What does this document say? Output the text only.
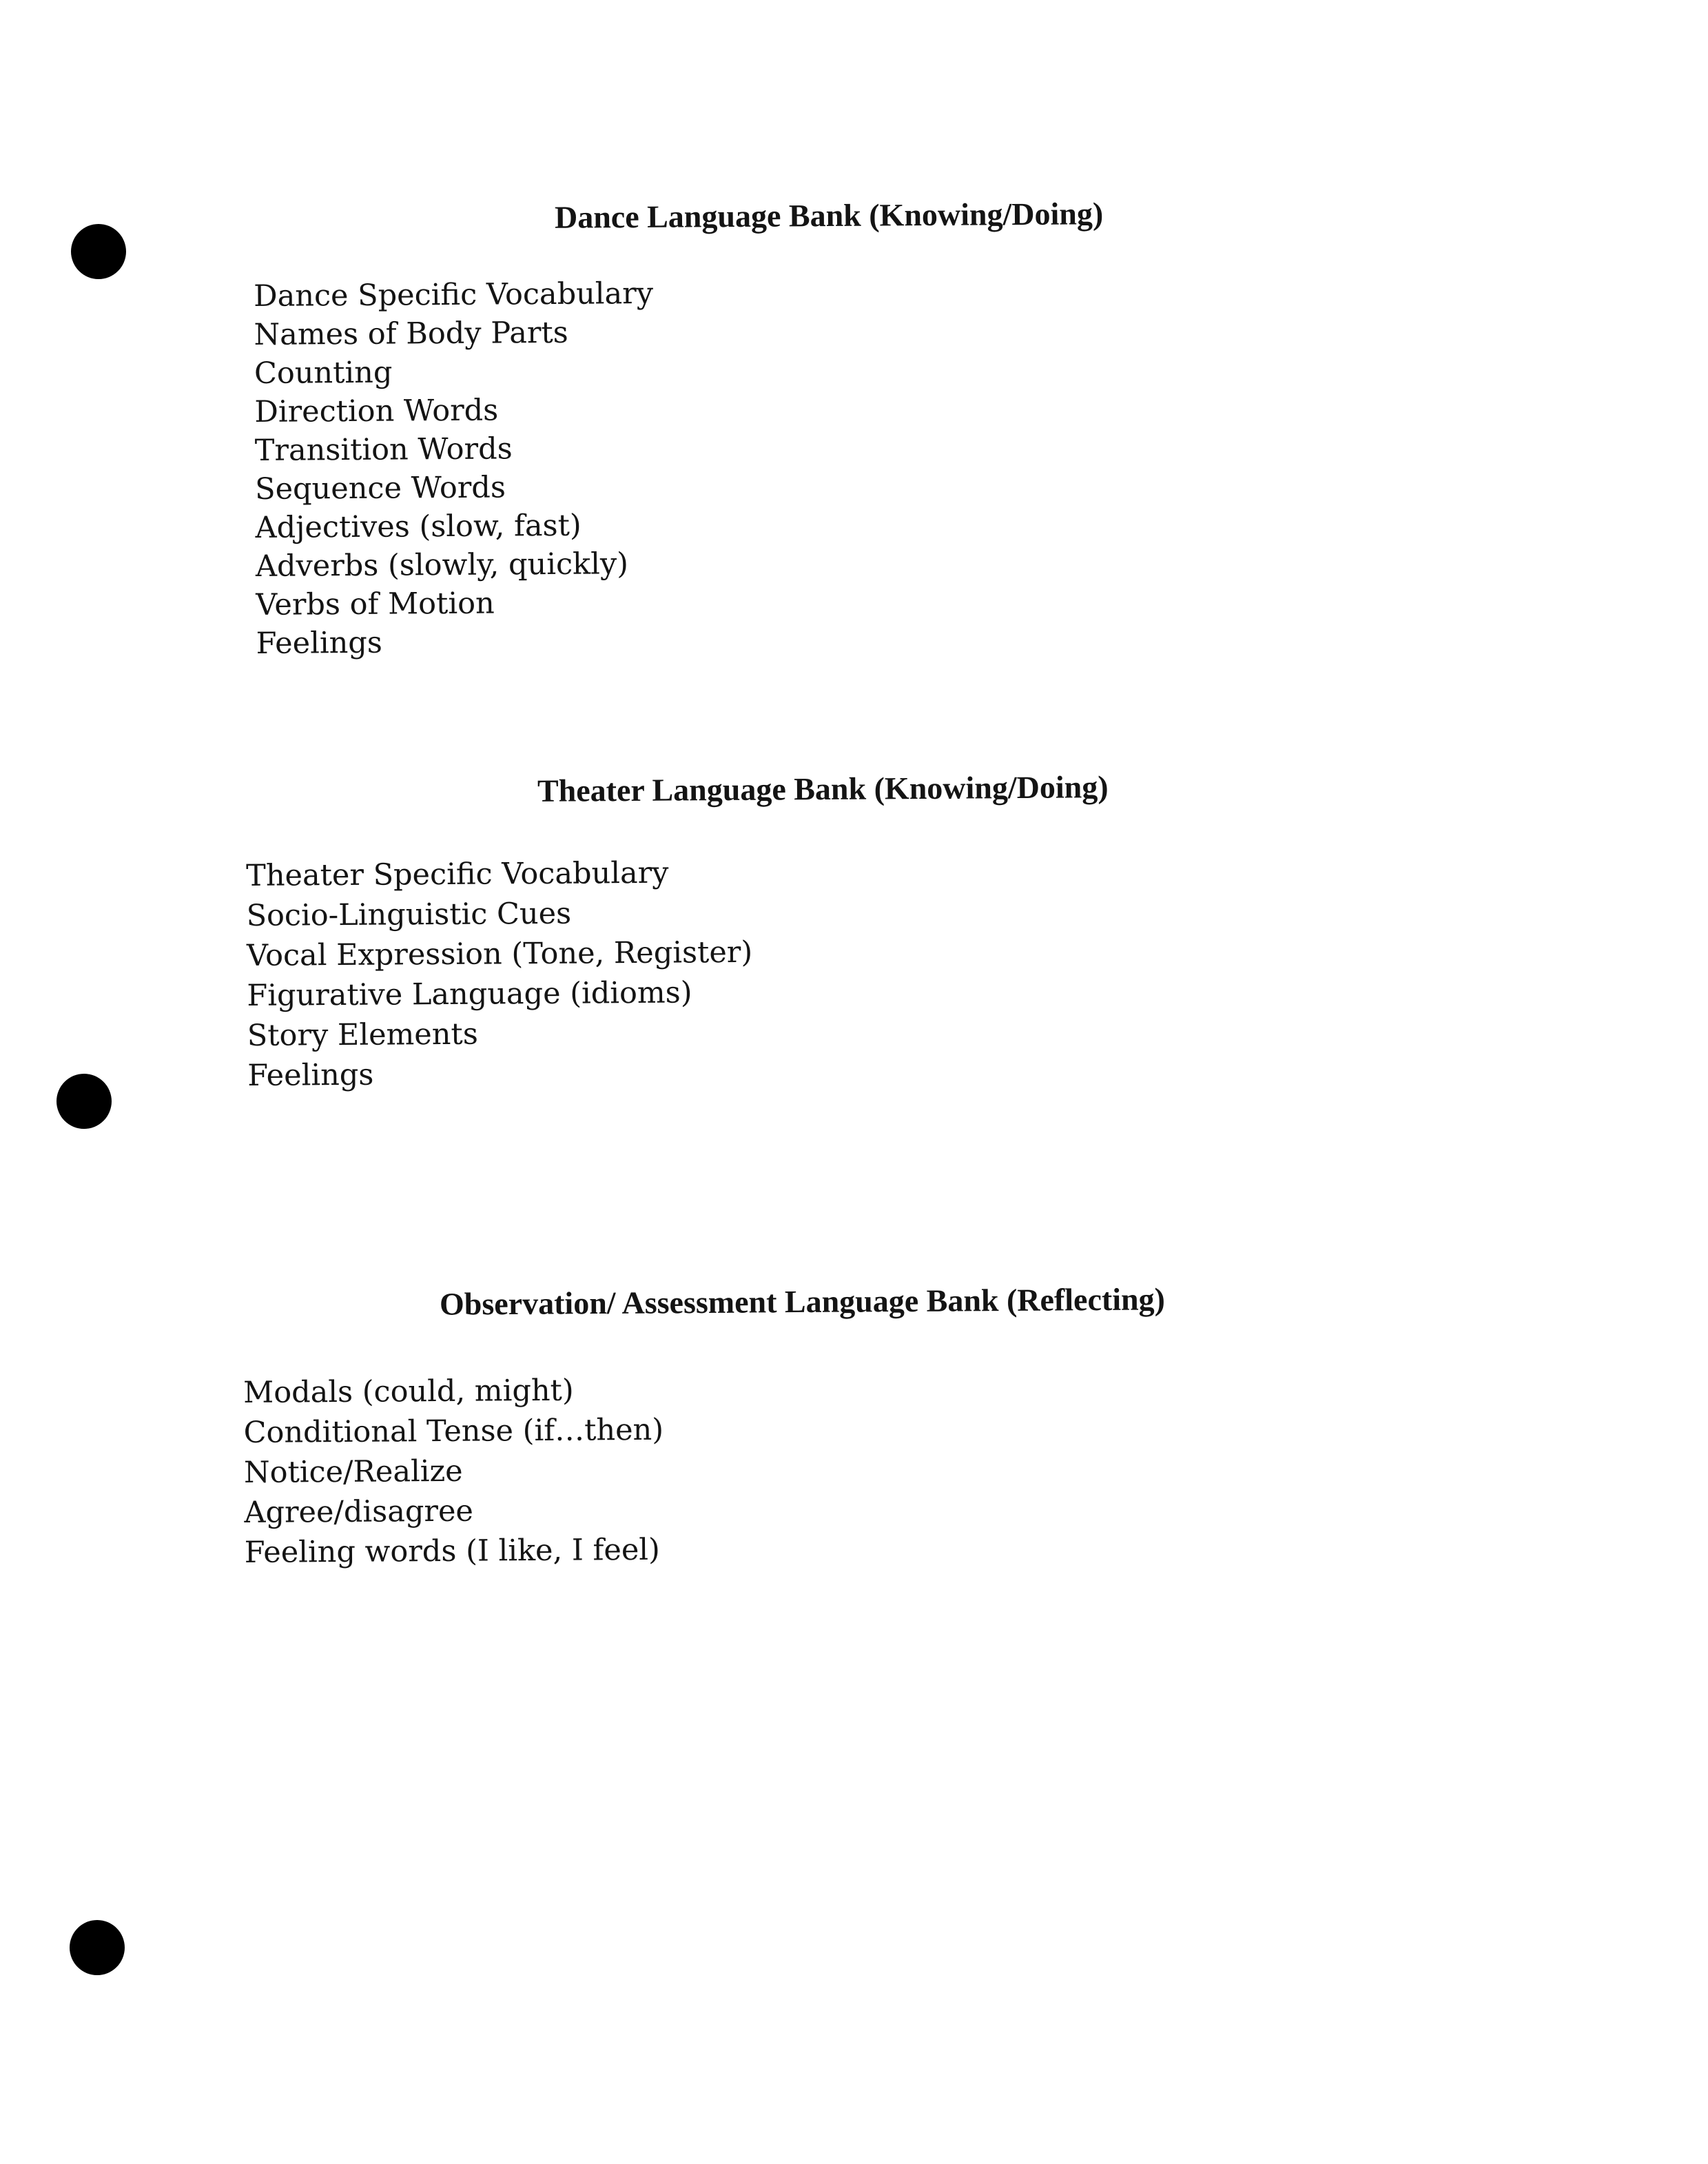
Dance Language Bank (Knowing/Doing)
Dance Specific Vocabulary
Names of Body Parts
Counting
Direction Words
Transition Words
Sequence Words
Adjectives (slow, fast)
Adverbs (slowly, quickly)
Verbs of Motion
Feelings
Theater Language Bank (Knowing/Doing)
Theater Specific Vocabulary
Socio-Linguistic Cues
Vocal Expression (Tone, Register)
Figurative Language (idioms)
Story Elements
Feelings
Observation/ Assessment Language Bank (Reflecting)
Modals (could, might)
Conditional Tense (if…then)
Notice/Realize
Agree/disagree
Feeling words (I like, I feel)
